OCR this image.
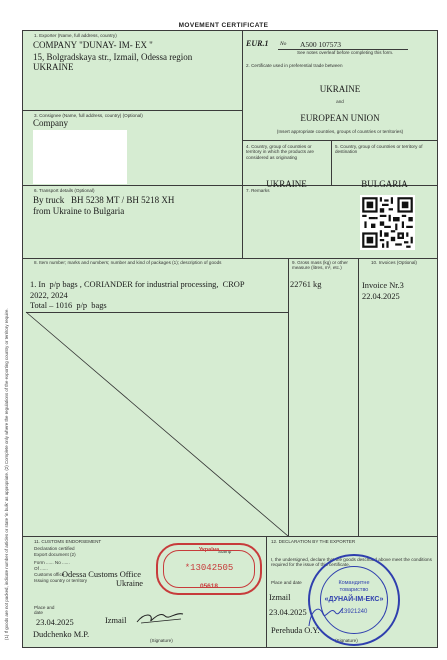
MOVEMENT CERTIFICATE
EUR.1 No A500 107573
See notes overleaf before completing this form.
1. Exporter (Name, full address, country)
COMPANY "DUNAY- IM- EX "
15, Bolgradskaya str., Izmail, Odessa region
UKRAINE	2. Certificate used in preferential trade between
UKRAINE
and
EUROPEAN UNION
(Insert appropriate countries, groups of countries or territories)
3. Consignee (Name, full address, country) (Optional)
Company
4. Country, group of countries or territory in which the products are considered as originating
UKRAINE
5. Country, group of countries or territory of destination
BULGARIA
6. Transport details (Optional)
By truck   BH 5238 MT / BH 5218 XH
from Ukraine to Bulgaria
7. Remarks
8. Item number; marks and numbers; number and kind of packages (1); description of goods
1. In  p/p bags , CORIANDER for industrial processing,  CROP
2022, 2024
Total – 1016  p/p  bags
9. Gross mass (kg) or other measure (litres, m³, etc.)
22761 kg
10. Invoices (Optional)
Invoice Nr.3
22.04.2025
11. CUSTOMS ENDORSEMENT
Declaration certified
Export document (2)
Form ...... No ......
Of ......
Customs office
Odessa Customs Office
Issuing country or territory	Ukraine
Stamp
Place and date
Izmail
23.04.2025
Dudchenko M.P.
(Signature)
Україна
*13042505
05618
12. DECLARATION BY THE EXPORTER
I, the undersigned, declare that the goods described above meet the conditions required for the issue of this certificate.
Place and date
Izmail
23.04.2025
Perehuda O.Y.
(Signature)
Командитне
товариство
«ДУНАЙ-ІМ-ЕКС»
13921240
(1) If goods are not packed, indicate number of articles or state 'in bulk' as appropriate. (2) Complete only where the regulations of the exporting country or territory require.
